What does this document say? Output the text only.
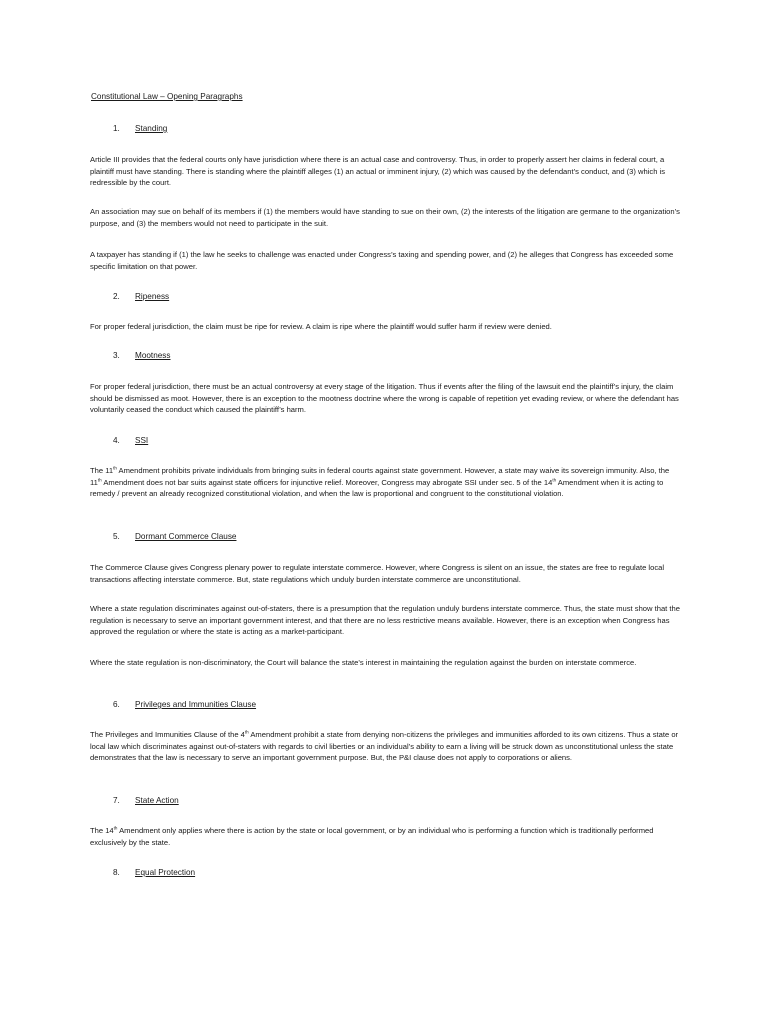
Constitutional Law – Opening Paragraphs
1. Standing

Article III provides that the federal courts only have jurisdiction where there is an actual case and controversy. Thus, in order to properly assert her claims in federal court, a plaintiff must have standing. There is standing where the plaintiff alleges (1) an actual or imminent injury, (2) which was caused by the defendant’s conduct, and (3) which is redressible by the court.

An association may sue on behalf of its members if (1) the members would have standing to sue on their own, (2) the interests of the litigation are germane to the organization’s purpose, and (3) the members would not need to participate in the suit.

A taxpayer has standing if (1) the law he seeks to challenge was enacted under Congress’s taxing and spending power, and (2) he alleges that Congress has exceeded some specific limitation on that power.

2. Ripeness

For proper federal jurisdiction, the claim must be ripe for review. A claim is ripe where the plaintiff would suffer harm if review were denied.

3. Mootness

For proper federal jurisdiction, there must be an actual controversy at every stage of the litigation. Thus if events after the filing of the lawsuit end the plaintiff’s injury, the claim should be dismissed as moot. However, there is an exception to the mootness doctrine where the wrong is capable of repetition yet evading review, or where the defendant has voluntarily ceased the conduct which caused the plaintiff’s harm.

4. SSI

The 11th Amendment prohibits private individuals from bringing suits in federal courts against state government. However, a state may waive its sovereign immunity. Also, the 11th Amendment does not bar suits against state officers for injunctive relief. Moreover, Congress may abrogate SSI under sec. 5 of the 14th Amendment when it is acting to remedy / prevent an already recognized constitutional violation, and when the law is proportional and congruent to the constitutional violation.

5. Dormant Commerce Clause

The Commerce Clause gives Congress plenary power to regulate interstate commerce. However, where Congress is silent on an issue, the states are free to regulate local transactions affecting interstate commerce. But, state regulations which unduly burden interstate commerce are unconstitutional.

Where a state regulation discriminates against out-of-staters, there is a presumption that the regulation unduly burdens interstate commerce. Thus, the state must show that the regulation is necessary to serve an important government interest, and that there are no less restrictive means available. However, there is an exception when Congress has approved the regulation or where the state is acting as a market-participant.

Where the state regulation is non-discriminatory, the Court will balance the state’s interest in maintaining the regulation against the burden on interstate commerce.

6. Privileges and Immunities Clause

The Privileges and Immunities Clause of the 4th Amendment prohibit a state from denying non-citizens the privileges and immunities afforded to its own citizens. Thus a state or local law which discriminates against out-of-staters with regards to civil liberties or an individual’s ability to earn a living will be struck down as unconstitutional unless the state demonstrates that the law is necessary to serve an important government purpose. But, the P&I clause does not apply to corporations or aliens.

7. State Action

The 14th Amendment only applies where there is action by the state or local government, or by an individual who is performing a function which is traditionally performed exclusively by the state.

8. Equal Protection
